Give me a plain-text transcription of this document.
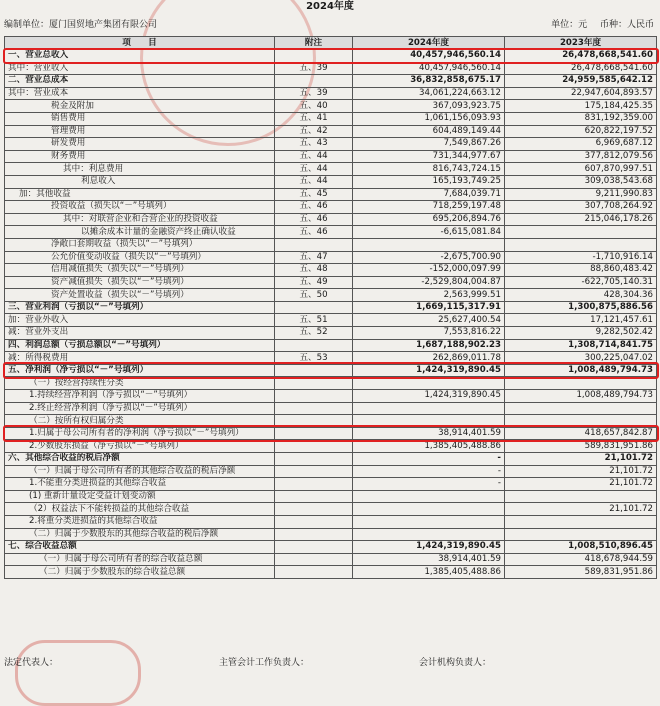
2024年度
编制单位：厦门国贸地产集团有限公司	单位：元 币种：人民币
项　　目	附注	2024年度	2023年度
一、营业总收入		40,457,946,560.14	26,478,668,541.60
其中：营业收入	五、39	40,457,946,560.14	26,478,668,541.60
二、营业总成本		36,832,858,675.17	24,959,585,642.12
其中：营业成本	五、39	34,061,224,663.12	22,947,604,893.57
税金及附加	五、40	367,093,923.75	175,184,425.35
销售费用	五、41	1,061,156,093.93	831,192,359.00
管理费用	五、42	604,489,149.44	620,822,197.52
研发费用	五、43	7,549,867.26	6,969,687.12
财务费用	五、44	731,344,977.67	377,812,079.56
其中：利息费用	五、44	816,743,724.15	607,870,997.51
利息收入	五、44	165,193,749.25	309,038,543.68
加：其他收益	五、45	7,684,039.71	9,211,990.83
投资收益（损失以“－”号填列）	五、46	718,259,197.48	307,708,264.92
其中：对联营企业和合营企业的投资收益	五、46	695,206,894.76	215,046,178.26
以摊余成本计量的金融资产终止确认收益	五、46	-6,615,081.84	
净敞口套期收益（损失以“－”号填列）			
公允价值变动收益（损失以“－”号填列）	五、47	-2,675,700.90	-1,710,916.14
信用减值损失（损失以“－”号填列）	五、48	-152,000,097.99	88,860,483.42
资产减值损失（损失以“－”号填列）	五、49	-2,529,804,004.87	-622,705,140.31
资产处置收益（损失以“－”号填列）	五、50	2,563,999.51	428,304.36
三、营业利润（亏损以“－”号填列）		1,669,115,317.91	1,300,875,886.56
加：营业外收入	五、51	25,627,400.54	17,121,457.61
减：营业外支出	五、52	7,553,816.22	9,282,502.42
四、利润总额（亏损总额以“－”号填列）		1,687,188,902.23	1,308,714,841.75
减：所得税费用	五、53	262,869,011.78	300,225,047.02
五、净利润（净亏损以“－”号填列）		1,424,319,890.45	1,008,489,794.73
（一）按经营持续性分类			
1.持续经营净利润（净亏损以“－”号填列）		1,424,319,890.45	1,008,489,794.73
2.终止经营净利润（净亏损以“－”号填列）			
（二）按所有权归属分类			
1.归属于母公司所有者的净利润（净亏损以“－”号填列）		38,914,401.59	418,657,842.87
2.少数股东损益（净亏损以“－”号填列）		1,385,405,488.86	589,831,951.86
六、其他综合收益的税后净额		-	21,101.72
（一）归属于母公司所有者的其他综合收益的税后净额		-	21,101.72
1.不能重分类进损益的其他综合收益		-	21,101.72
(1) 重新计量设定受益计划变动额			
（2）权益法下不能转损益的其他综合收益			21,101.72
2.将重分类进损益的其他综合收益			
（二）归属于少数股东的其他综合收益的税后净额			
七、综合收益总额		1,424,319,890.45	1,008,510,896.45
（一）归属于母公司所有者的综合收益总额		38,914,401.59	418,678,944.59
（二）归属于少数股东的综合收益总额		1,385,405,488.86	589,831,951.86
法定代表人：	主管会计工作负责人：	会计机构负责人：
